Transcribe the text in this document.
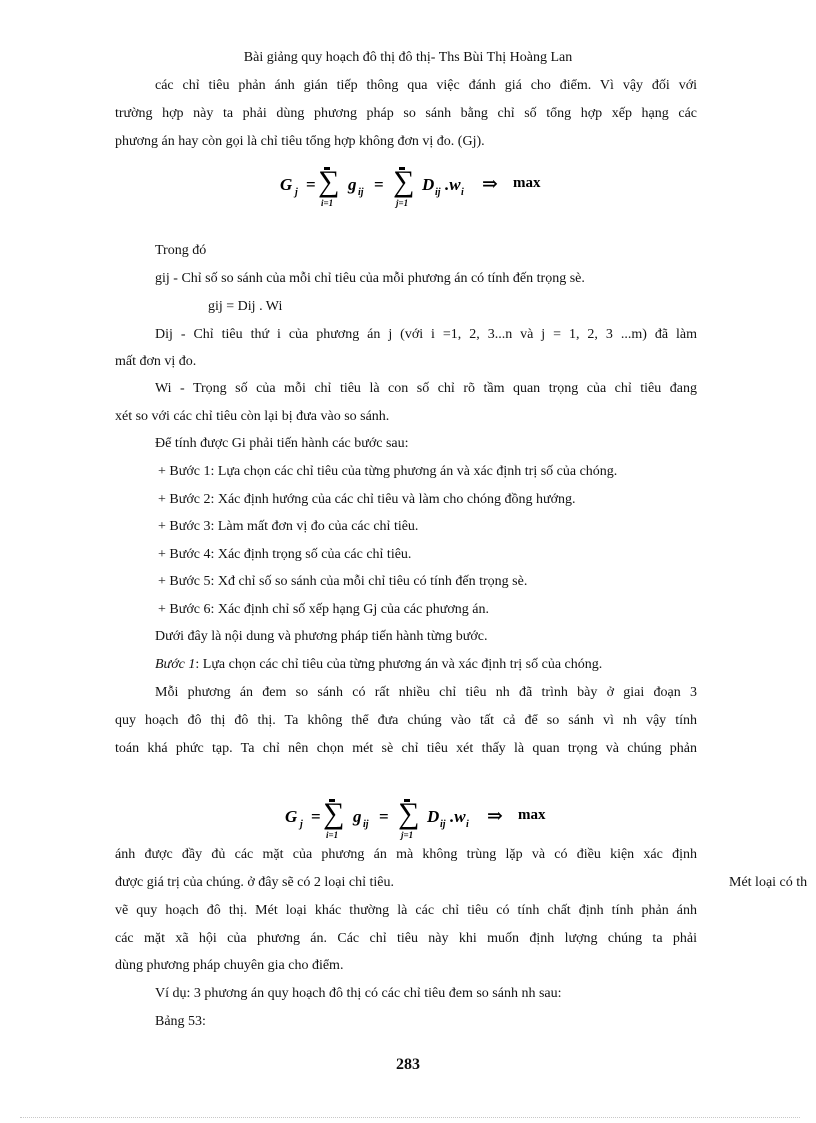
Bài giảng quy hoạch đô thị đô thị- Ths Bùi Thị Hoàng Lan
các chỉ tiêu phản ánh gián tiếp thông qua việc đánh giá cho điểm. Vì vậy đối với
trường hợp này ta phải dùng phương pháp so sánh bằng chỉ số tổng hợp xếp hạng các
phương án hay còn gọi là chỉ tiêu tổng hợp không đơn vị đo. (Gj).
G j = ∑
i=1
g ij = ∑
j=1
D ij .w i ⇒ max
Trong đó
gij - Chỉ số so sánh của mỗi chỉ tiêu của mỗi phương án có tính đến trọng sè.
gij = Dij . Wi
Dij - Chỉ tiêu thứ i của phương án j (với i =1, 2, 3...n và j = 1, 2, 3 ...m) đã làm
mất đơn vị đo.
Wi - Trọng số của mỗi chỉ tiêu là con số chỉ rõ tầm quan trọng của chỉ tiêu đang
xét so với các chỉ tiêu còn lại bị đưa vào so sánh.
Để tính được Gi phải tiến hành các bước sau:
+ Bước 1: Lựa chọn các chỉ tiêu của từng phương án và xác định trị số của chóng.
+ Bước 2: Xác định hướng của các chỉ tiêu và làm cho chóng đồng hướng.
+ Bước 3: Làm mất đơn vị đo của các chỉ tiêu.
+ Bước 4: Xác định trọng số của các chỉ tiêu.
+ Bước 5: Xđ chỉ số so sánh của mỗi chỉ tiêu có tính đến trọng sè.
+ Bước 6: Xác định chỉ số xếp hạng Gj của các phương án.
Dưới đây là nội dung và phương pháp tiến hành từng bước.
Bước 1: Lựa chọn các chỉ tiêu của từng phương án và xác định trị số của chóng.
Mỗi phương án đem so sánh có rất nhiều chỉ tiêu nh đã trình bày ở giai đoạn 3
quy hoạch đô thị đô thị. Ta không thể đưa chúng vào tất cả để so sánh vì nh vậy tính
toán khá phức tạp. Ta chỉ nên chọn mét sè chỉ tiêu xét thấy là quan trọng và chúng phản
G j = ∑
i=1
g ij = ∑
j=1
D ij .w i ⇒ max
ánh được đầy đủ các mặt của phương án mà không trùng lặp và có điều kiện xác định
được giá trị của chúng. ở đây sẽ có 2 loại chỉ tiêu.	Mét loại có th
vẽ quy hoạch đô thị. Mét loại khác thường là các chỉ tiêu có tính chất định tính phản ánh
các mặt xã hội của phương án. Các chỉ tiêu này khi muốn định lượng chúng ta phải
dùng phương pháp chuyên gia cho điểm.
Ví dụ: 3 phương án quy hoạch đô thị có các chỉ tiêu đem so sánh nh sau:
Bảng 53:
283
